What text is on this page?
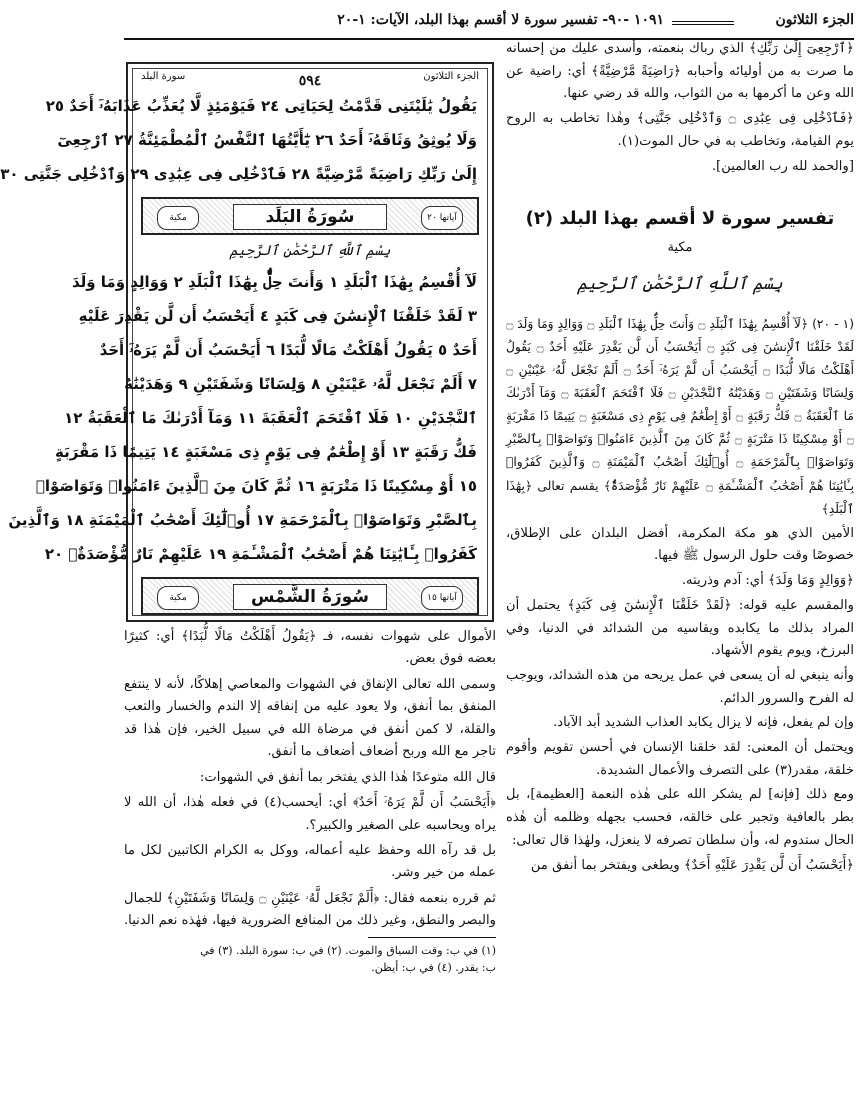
الجزء الثلاثون
١٠٩١ -٩٠- تفسير سورة لا أقسم بهذا البلد، الآيات: ١-٢٠

﴿ٱرْجِعِىٓ إِلَىٰ رَبِّكِ﴾ الذي رباك بنعمته، وأسدى عليك من إحسانه ما صرت به من أوليائه وأحبابه ﴿رَاضِيَةً مَّرْضِيَّةً﴾ أي: راضية عن الله وعن ما أكرمها به من الثواب، والله قد رضي عنها.

﴿فَٱدْخُلِى فِى عِبَٰدِى ۝ وَٱدْخُلِى جَنَّتِى﴾ وهٰذا تخاطب به الروح يوم القيامة، وتخاطب به في حال الموت(١).

[والحمد لله رب العالمين].

تفسير سورة لا أقسم بهذا البلد (٢)
مكية
بِسْمِ ٱللَّهِ ٱلرَّحْمَٰنِ ٱلرَّحِيمِ

(١ - ٢٠) ﴿لَآ أُقْسِمُ بِهَٰذَا ٱلْبَلَدِ ۝ وَأَنتَ حِلٌّۢ بِهَٰذَا ٱلْبَلَدِ ۝ وَوَالِدٍ وَمَا وَلَدَ ۝ لَقَدْ خَلَقْنَا ٱلْإِنسَٰنَ فِى كَبَدٍ ۝ أَيَحْسَبُ أَن لَّن يَقْدِرَ عَلَيْهِ أَحَدٌ ۝ يَقُولُ أَهْلَكْتُ مَالًا لُّبَدًا ۝ أَيَحْسَبُ أَن لَّمْ يَرَهُۥٓ أَحَدٌ ۝ أَلَمْ نَجْعَل لَّهُۥ عَيْنَيْنِ ۝ وَلِسَانًا وَشَفَتَيْنِ ۝ وَهَدَيْنَٰهُ ٱلنَّجْدَيْنِ ۝ فَلَا ٱقْتَحَمَ ٱلْعَقَبَةَ ۝ وَمَآ أَدْرَىٰكَ مَا ٱلْعَقَبَةُ ۝ فَكُّ رَقَبَةٍ ۝ أَوْ إِطْعَٰمٌ فِى يَوْمٍ ذِى مَسْغَبَةٍ ۝ يَتِيمًا ذَا مَقْرَبَةٍ ۝ أَوْ مِسْكِينًا ذَا مَتْرَبَةٍ ۝ ثُمَّ كَانَ مِنَ ٱلَّذِينَ ءَامَنُوا۟ وَتَوَاصَوْا۟ بِٱلصَّبْرِ وَتَوَاصَوْا۟ بِٱلْمَرْحَمَةِ ۝ أُو۟لَٰٓئِكَ أَصْحَٰبُ ٱلْمَيْمَنَةِ ۝ وَٱلَّذِينَ كَفَرُوا۟ بِـَٔايَٰتِنَا هُمْ أَصْحَٰبُ ٱلْمَشْـَٔمَةِ ۝ عَلَيْهِمْ نَارٌ مُّؤْصَدَةٌۢ﴾ يقسم تعالى ﴿بِهَٰذَا ٱلْبَلَدِ﴾

الأمين الذي هو مكة المكرمة، أفضل البلدان على الإطلاق، خصوصًا وقت حلول الرسول ﷺ فيها.

﴿وَوَالِدٍ وَمَا وَلَدَ﴾ أي: آدم وذريته.

والمقسم عليه قوله: ﴿لَقَدْ خَلَقْنَا ٱلْإِنسَٰنَ فِى كَبَدٍ﴾ يحتمل أن المراد بذلك ما يكابده ويقاسيه من الشدائد في الدنيا، وفي البرزخ، ويوم يقوم الأشهاد.

وأنه ينبغي له أن يسعى في عمل يريحه من هذه الشدائد، ويوجب له الفرح والسرور الدائم.

وإن لم يفعل، فإنه لا يزال يكابد العذاب الشديد أبد الآباد.

ويحتمل أن المعنى: لقد خلقنا الإنسان في أحسن تقويم وأقوم خلقة، مقدر(٣) على التصرف والأعمال الشديدة.

ومع ذلك [فإنه] لم يشكر الله على هٰذه النعمة [العظيمة]، بل بطر بالعافية وتجبر على خالقه، فحسب بجهله وظلمه أن هٰذه الحال ستدوم له، وأن سلطان تصرفه لا ينعزل، ولهٰذا قال تعالى:

﴿أَيَحْسَبُ أَن لَّن يَقْدِرَ عَلَيْهِ أَحَدٌ﴾ ويطغى ويفتخر بما أنفق من

الجزء الثلاثون
٥٩٤
سورة البلد
يَقُولُ يَٰلَيْتَنِى قَدَّمْتُ لِحَيَاتِى ٢٤ فَيَوْمَئِذٍ لَّا يُعَذِّبُ عَذَابَهُۥٓ أَحَدٌ ٢٥
وَلَا يُوثِقُ وَثَاقَهُۥٓ أَحَدٌ ٢٦ يَٰٓأَيَّتُهَا ٱلنَّفْسُ ٱلْمُطْمَئِنَّةُ ٢٧ ٱرْجِعِىٓ
إِلَىٰ رَبِّكِ رَاضِيَةً مَّرْضِيَّةً ٢٨ فَٱدْخُلِى فِى عِبَٰدِى ٢٩ وَٱدْخُلِى جَنَّتِى ٣٠
آياتها ٢٠
سُورَةُ البَلَد
مكية
بِسْمِ ٱللَّهِ ٱلرَّحْمَٰنِ ٱلرَّحِيمِ
لَآ أُقْسِمُ بِهَٰذَا ٱلْبَلَدِ ١ وَأَنتَ حِلٌّۢ بِهَٰذَا ٱلْبَلَدِ ٢ وَوَالِدٍ وَمَا وَلَدَ
٣ لَقَدْ خَلَقْنَا ٱلْإِنسَٰنَ فِى كَبَدٍ ٤ أَيَحْسَبُ أَن لَّن يَقْدِرَ عَلَيْهِ
أَحَدٌ ٥ يَقُولُ أَهْلَكْتُ مَالًا لُّبَدًا ٦ أَيَحْسَبُ أَن لَّمْ يَرَهُۥٓ أَحَدٌ
٧ أَلَمْ نَجْعَل لَّهُۥ عَيْنَيْنِ ٨ وَلِسَانًا وَشَفَتَيْنِ ٩ وَهَدَيْنَٰهُ
ٱلنَّجْدَيْنِ ١٠ فَلَا ٱقْتَحَمَ ٱلْعَقَبَةَ ١١ وَمَآ أَدْرَىٰكَ مَا ٱلْعَقَبَةُ ١٢
فَكُّ رَقَبَةٍ ١٣ أَوْ إِطْعَٰمٌ فِى يَوْمٍ ذِى مَسْغَبَةٍ ١٤ يَتِيمًا ذَا مَقْرَبَةٍ
١٥ أَوْ مِسْكِينًا ذَا مَتْرَبَةٍ ١٦ ثُمَّ كَانَ مِنَ ٱلَّذِينَ ءَامَنُوا۟ وَتَوَاصَوْا۟
بِٱلصَّبْرِ وَتَوَاصَوْا۟ بِٱلْمَرْحَمَةِ ١٧ أُو۟لَٰٓئِكَ أَصْحَٰبُ ٱلْمَيْمَنَةِ ١٨ وَٱلَّذِينَ
كَفَرُوا۟ بِـَٔايَٰتِنَا هُمْ أَصْحَٰبُ ٱلْمَشْـَٔمَةِ ١٩ عَلَيْهِمْ نَارٌ مُّؤْصَدَةٌۢ ٢٠
آياتها ١٥
سُورَةُ الشَّمْس
مكية

الأموال على شهوات نفسه، فـ ﴿يَقُولُ أَهْلَكْتُ مَالًا لُّبَدًا﴾ أي: كثيرًا بعضه فوق بعض.

وسمى الله تعالى الإنفاق في الشهوات والمعاصي إهلاكًا، لأنه لا ينتفع المنفق بما أنفق، ولا يعود عليه من إنفاقه إلا الندم والخسار والتعب والقلة، لا كمن أنفق في مرضاة الله في سبيل الخير، فإن هٰذا قد تاجر مع الله وربح أضعاف أضعاف ما أنفق.

قال الله متوعدًا هٰذا الذي يفتخر بما أنفق في الشهوات:

﴿أَيَحْسَبُ أَن لَّمْ يَرَهُۥٓ أَحَدٌ﴾ أي: أيحسب(٤) في فعله هٰذا، أن الله لا يراه ويحاسبه على الصغير والكبير؟.

بل قد رآه الله وحفظ عليه أعماله، ووكل به الكرام الكاتبين لكل ما عمله من خير وشر.

ثم قرره بنعمه فقال: ﴿أَلَمْ نَجْعَل لَّهُۥ عَيْنَيْنِ ۝ وَلِسَانًا وَشَفَتَيْنِ﴾ للجمال والبصر والنطق، وغير ذلك من المنافع الضرورية فيها، فهٰذه نعم الدنيا.

(١) في ب: وقت السياق والموت. (٢) في ب: سورة البلد. (٣) في
ب: يقدر. (٤) في ب: أيظن.
